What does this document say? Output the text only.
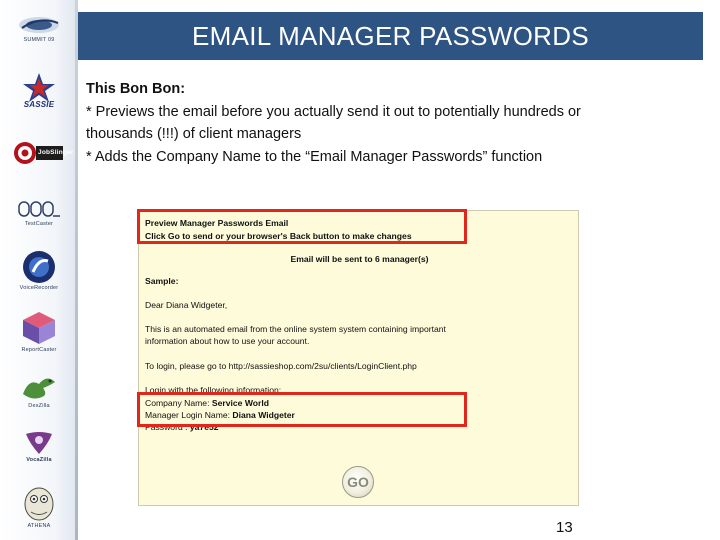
SUMMIT 09
SASSIE
JobSlinger
TestCaster
VoiceRecorder
ReportCaster
DexZilla
VocaZilla
ATHENA
EMAIL MANAGER PASSWORDS
This Bon Bon:
* Previews the email before you actually send it out to potentially hundreds or
thousands (!!!) of client managers
* Adds the Company Name to the “Email Manager Passwords” function
Preview Manager Passwords Email
Click Go to send or your browser's Back button to make changes
Email will be sent to 6 manager(s)
Sample:
Dear Diana Widgeter,
This is an automated email from the online system system containing important
information about how to use your account.
To login, please go to http://sassieshop.com/2su/clients/LoginClient.php
Login with the following information:
Company Name: Service World
Manager Login Name: Diana Widgeter
Password : ya7e52
GO
13
